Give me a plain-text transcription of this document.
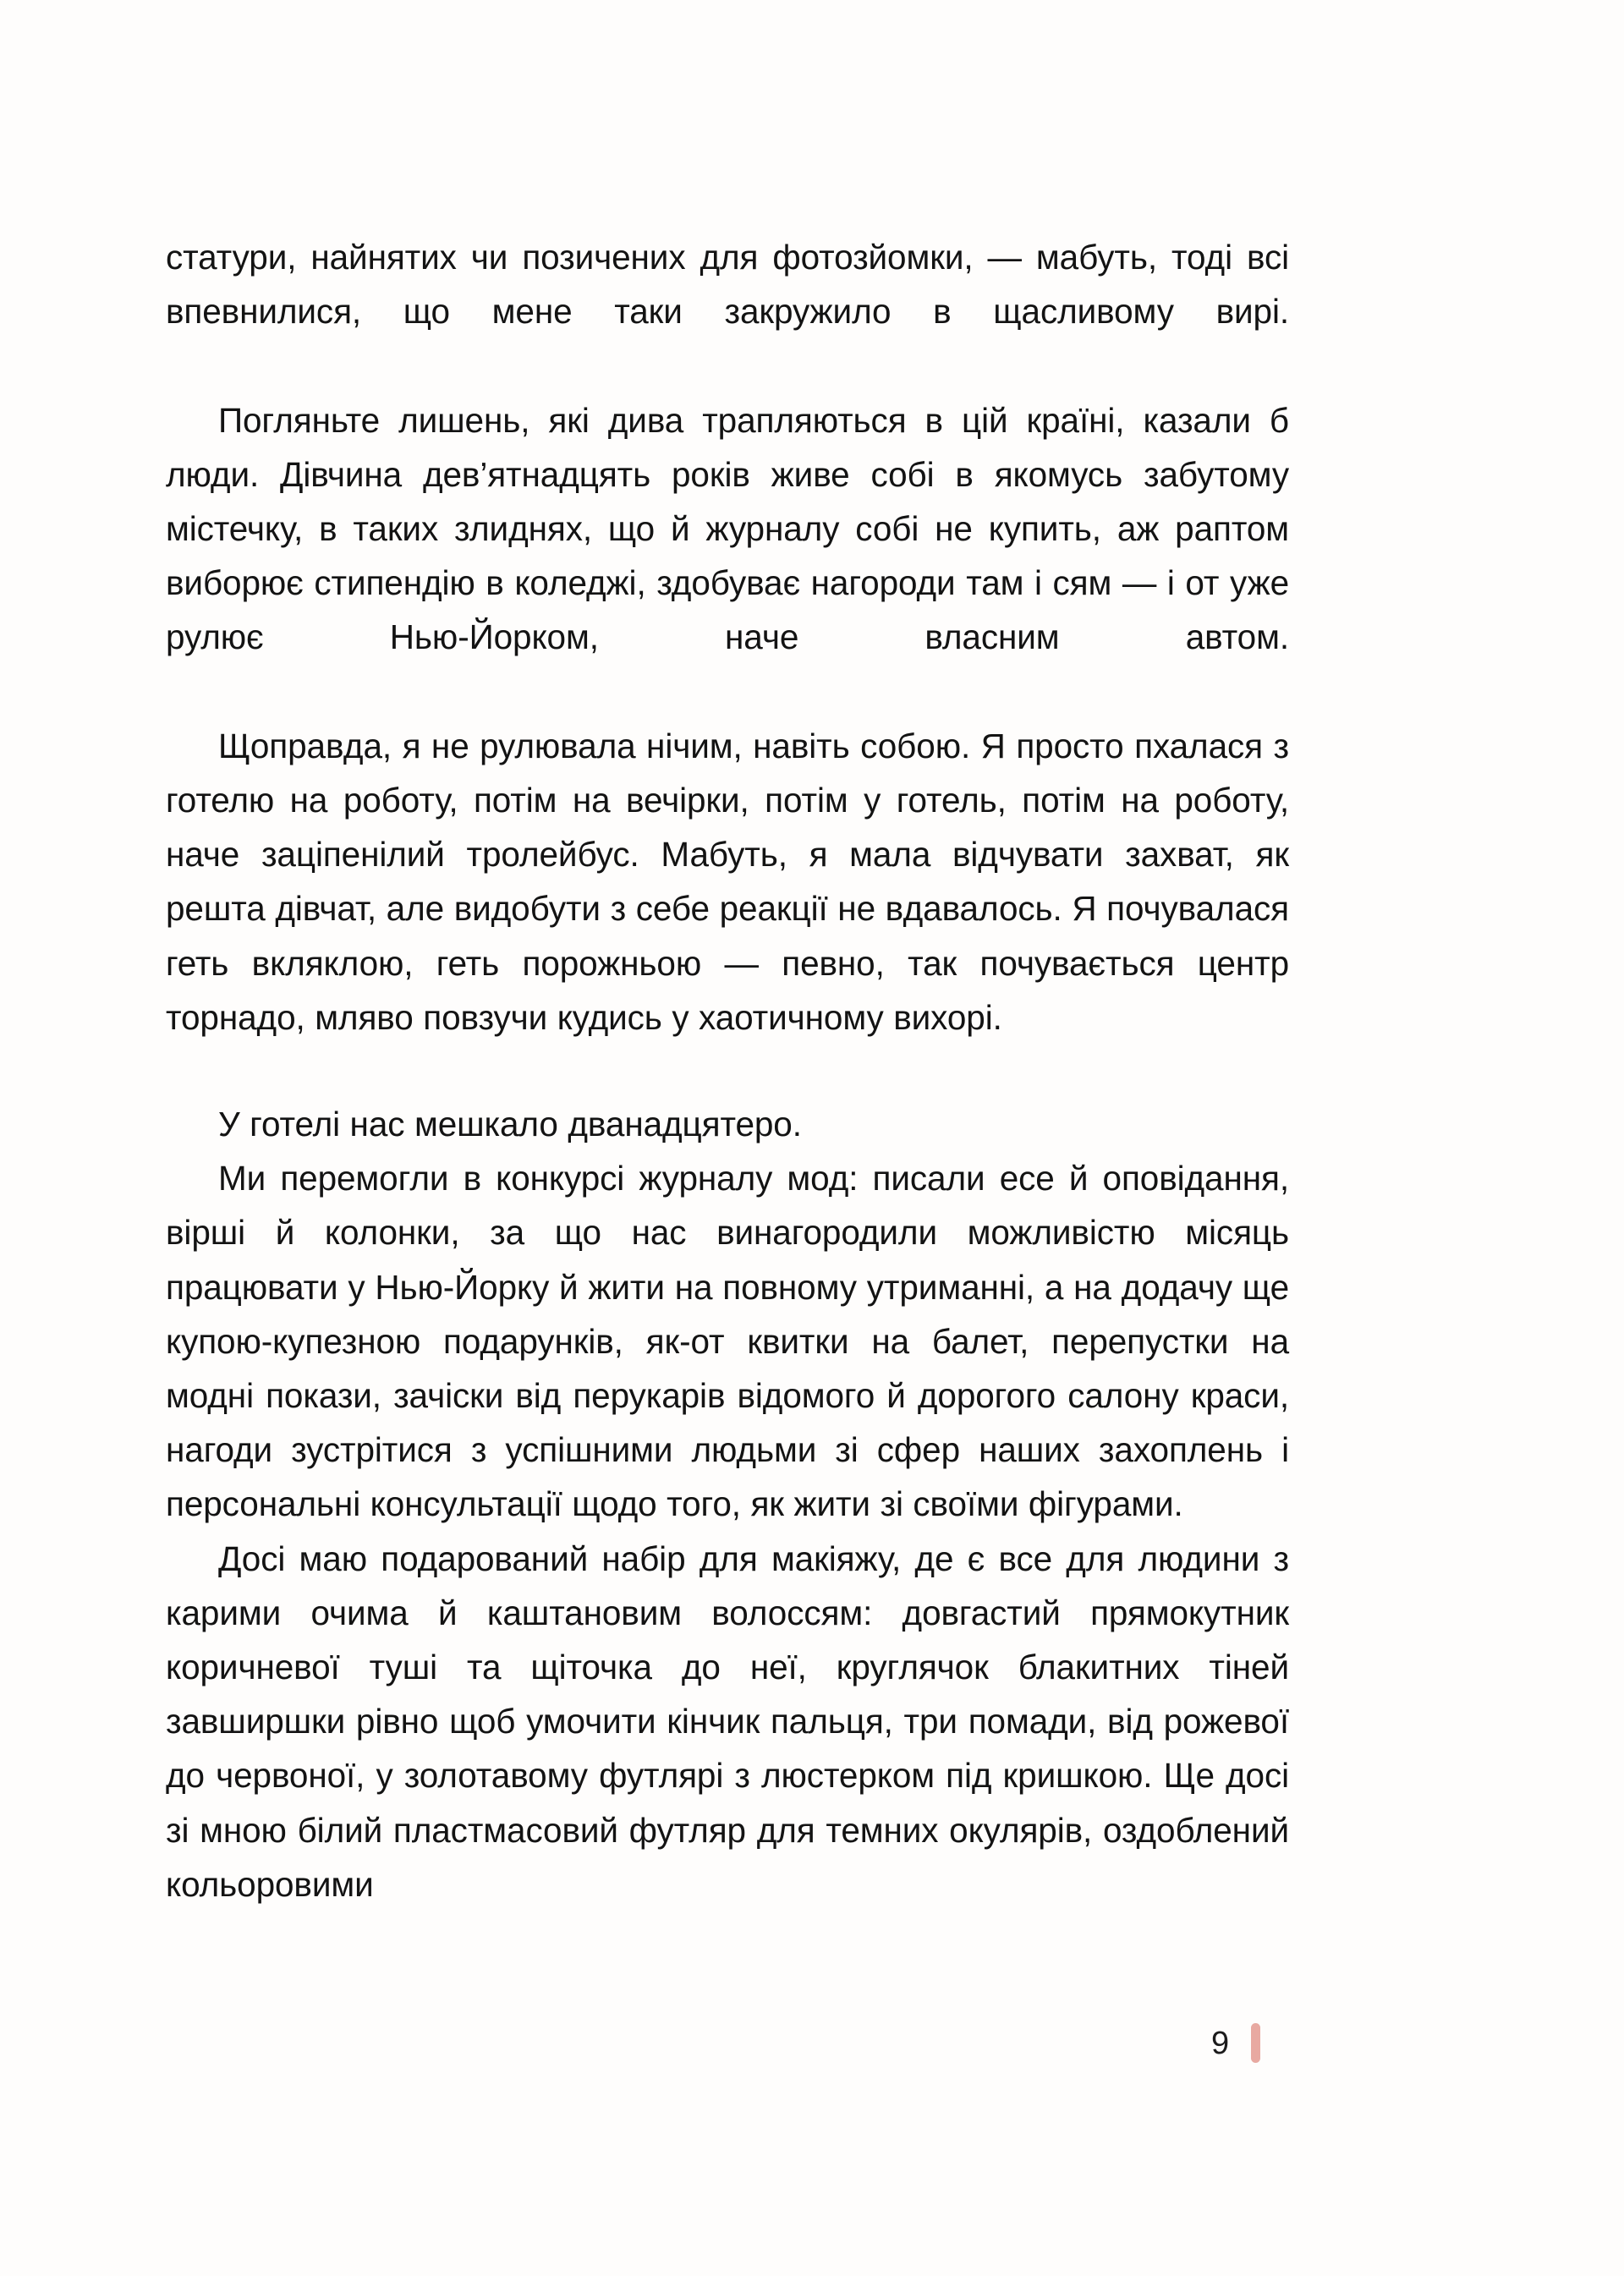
статури, найнятих чи позичених для фотозйомки, — мабуть, тоді всі впевнилися, що мене таки закружило в щасливому вирі.

Погляньте лишень, які дива трапляються в цій країні, казали б люди. Дівчина дев’ятнадцять років живе собі в якомусь забутому містечку, в таких злиднях, що й журналу собі не купить, аж раптом виборює стипендію в коледжі, здобуває нагороди там і сям — і от уже рулює Нью-Йорком, наче власним автом.

Щоправда, я не рулювала нічим, навіть собою. Я просто пхалася з готелю на роботу, потім на вечірки, потім у готель, потім на роботу, наче заціпенілий тролейбус. Мабуть, я мала відчувати захват, як решта дівчат, але видобути з себе реакції не вдавалось. Я почувалася геть вкляклою, геть порожньою — певно, так почувається центр торнадо, мляво повзучи кудись у хаотичному вихорі.

У готелі нас мешкало дванадцятеро.

Ми перемогли в конкурсі журналу мод: писали есе й оповідання, вірші й колонки, за що нас винагородили можливістю місяць працювати у Нью-Йорку й жити на повному утриманні, а на додачу ще купою-купезною подарунків, як-от квитки на балет, перепустки на модні покази, зачіски від перукарів відомого й дорогого салону краси, нагоди зустрітися з успішними людьми зі сфер наших захоплень і персональні консультації щодо того, як жити зі своїми фігурами.

Досі маю подарований набір для макіяжу, де є все для людини з карими очима й каштановим волоссям: довгастий прямокутник коричневої туші та щіточка до неї, круглячок блакитних тіней завширшки рівно щоб умочити кінчик пальця, три помади, від рожевої до червоної, у золотавому футлярі з люстерком під кришкою. Ще досі зі мною білий пластмасовий футляр для темних окулярів, оздоблений кольоровими

9
